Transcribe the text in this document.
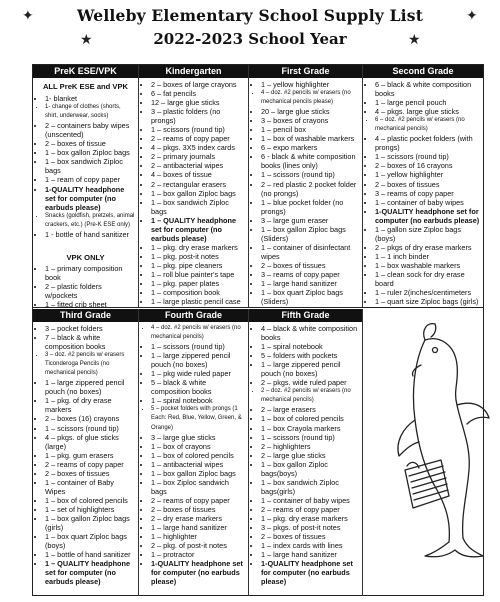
✦	✦
★	★
Welleby Elementary School Supply List
2022-2023 School Year
PreK ESE/VPK
ALL PreK ESE and VPK
• 1- blanket
• 1- change of clothes (shorts, shirt, underwear, socks)
• 2 – containers baby wipes (unscented)
• 2 – boxes of tissue
• 1 – box gallon Ziploc bags
• 1 – box sandwich Ziploc bags
• 1 – ream of copy paper
• 1-QUALITY headphone set for computer (no earbuds please)
• Snacks (goldfish, pretzels, animal crackers, etc.) (Pre-K ESE only)
• 1 - bottle of hand sanitizer
VPK ONLY
• 1 – primary composition book
• 2 – plastic folders w/pockets
• 1 – fitted crib sheet
Kindergarten
• 2 – boxes of large crayons
• 6 – fat pencils
• 12 – large glue sticks
• 3 – plastic folders (no prongs)
• 1 – scissors (round tip)
• 2 – reams of copy paper
• 4 – pkgs. 3X5 index cards
• 2 – primary journals
• 2 – antibacterial wipes
• 4 – boxes of tissue
• 2 – rectangular erasers
• 1 – box gallon Ziploc bags
• 1 – box sandwich Ziploc bags
• 1 – QUALITY headphone set for computer (no earbuds please)
• 1 – pkg. dry erase markers
• 1 – pkg. post-it notes
• 1 – pkg. pipe cleaners
• 1 – roll blue painter's tape
• 1 – pkg. paper plates
• 1 – composition book
• 1 – large plastic pencil case
First Grade
• 1 – yellow highlighter
• 4 – doz. #2 pencils w/ erasers (no mechanical pencils please)
• 20 – large glue sticks
• 3 – boxes of crayons
• 1 – pencil box
• 1 – box of washable markers
• 6 – expo markers
• 6 - black & white composition books (lines only)
• 1 – scissors (round tip)
• 2 – red plastic 2 pocket folder (no prongs)
• 1 – blue pocket folder (no prongs)
• 3 – large gum eraser
• 1 – box gallon Ziploc bags (Sliders)
• 1 – container of disinfectant wipes
• 2 – boxes of tissues
• 3 – reams of copy paper
• 1 – large hand sanitizer
• 1 – box quart Ziploc bags (Sliders)
•
Second Grade
• 6 – black & white composition books
• 1 – large pencil pouch
• 4 – pkgs. large glue sticks
• 6 – doz. #2 pencils w/ erasers (no mechanical pencils)
• 4 – plastic pocket folders (with prongs)
• 1 – scissors (round tip)
• 2 – boxes of 16 crayons
• 1 – yellow highlighter
• 2 – boxes of tissues
• 3 – reams of copy paper
• 1 – container of baby wipes
• 1-QUALITY headphone set for computer (no earbuds please)
• 1 – gallon size Ziploc bags (boys)
• 2 – pkgs of dry erase markers
• 1 – 1 inch binder
• 1 – box washable markers
• 1 – clean sock for dry erase board
• 1 – ruler 2(inches/centimeters
• 1 – quart size Ziploc bags (girls)
Third Grade
• 3 – pocket folders
• 7 – black & white composition books
• 3 – doz. #2 pencils w/ erasers Ticonderoga Pencils (no mechanical pencils)
• 1 – large zippered pencil pouch (no boxes)
• 1 – pkg. of dry erase markers
• 2 – boxes (16) crayons
• 1 – scissors (round tip)
• 4 – pkgs. of glue sticks (large)
• 1 – pkg. gum erasers
• 2 – reams of copy paper
• 2 – boxes of tissues
• 1 – container of Baby Wipes
• 1 – box of colored pencils
• 1 – set of highlighters
• 1 – box gallon Ziploc bags (girls)
• 1 – box quart Ziploc bags (boys)
• 1 – bottle of hand sanitizer
• 1 – QUALITY headphone set for computer (no earbuds please)
Fourth Grade
• 4 – doz. #2 pencils w/ erasers (no mechanical pencils)
• 1 – scissors (round tip)
• 1 – large zippered pencil pouch (no boxes)
• 1 – pkg wide ruled paper
• 5 – black & white composition books
• 1 – spiral notebook
• 5 – pocket folders with prongs (1 Each: Red, Blue, Yellow, Green, & Orange)
• 3 – large glue sticks
• 1 – box of crayons
• 1 – box of colored pencils
• 1 – antibacterial wipes
• 1 – box gallon Ziploc bags
• 1 – box Ziploc sandwich bags
• 2 – reams of copy paper
• 2 – boxes of tissues
• 2 – dry erase markers
• 1 – large hand sanitizer
• 1 – highlighter
• 2 – pkg. of post-it notes
• 1 – protractor
• 1-QUALITY headphone set for computer (no earbuds please)
Fifth Grade
• 4 – black & white composition books
• 1 – spiral notebook
• 5 – folders with pockets
• 1 – large zippered pencil pouch (no boxes)
• 2 – pkgs. wide ruled paper
• 2 – doz. #2 pencils w/ erasers (no mechanical pencils)
• 2 – large erasers
• 1 – box of colored pencils
• 1 – box Crayola markers
• 1 – scissors (round tip)
• 2 – highlighters
• 2 – large glue sticks
• 1 – box gallon Ziploc bags(boys)
• 1 – box sandwich Ziploc bags(girls)
• 1 – container of baby wipes
• 2 – reams of copy paper
• 1 – pkg. dry erase markers
• 3 – pkgs. of post-it notes
• 2 – boxes of tissues
• 1 – index cards with lines
• 1 – large hand sanitizer
• 1-QUALITY headphone set for computer (no earbuds please)
